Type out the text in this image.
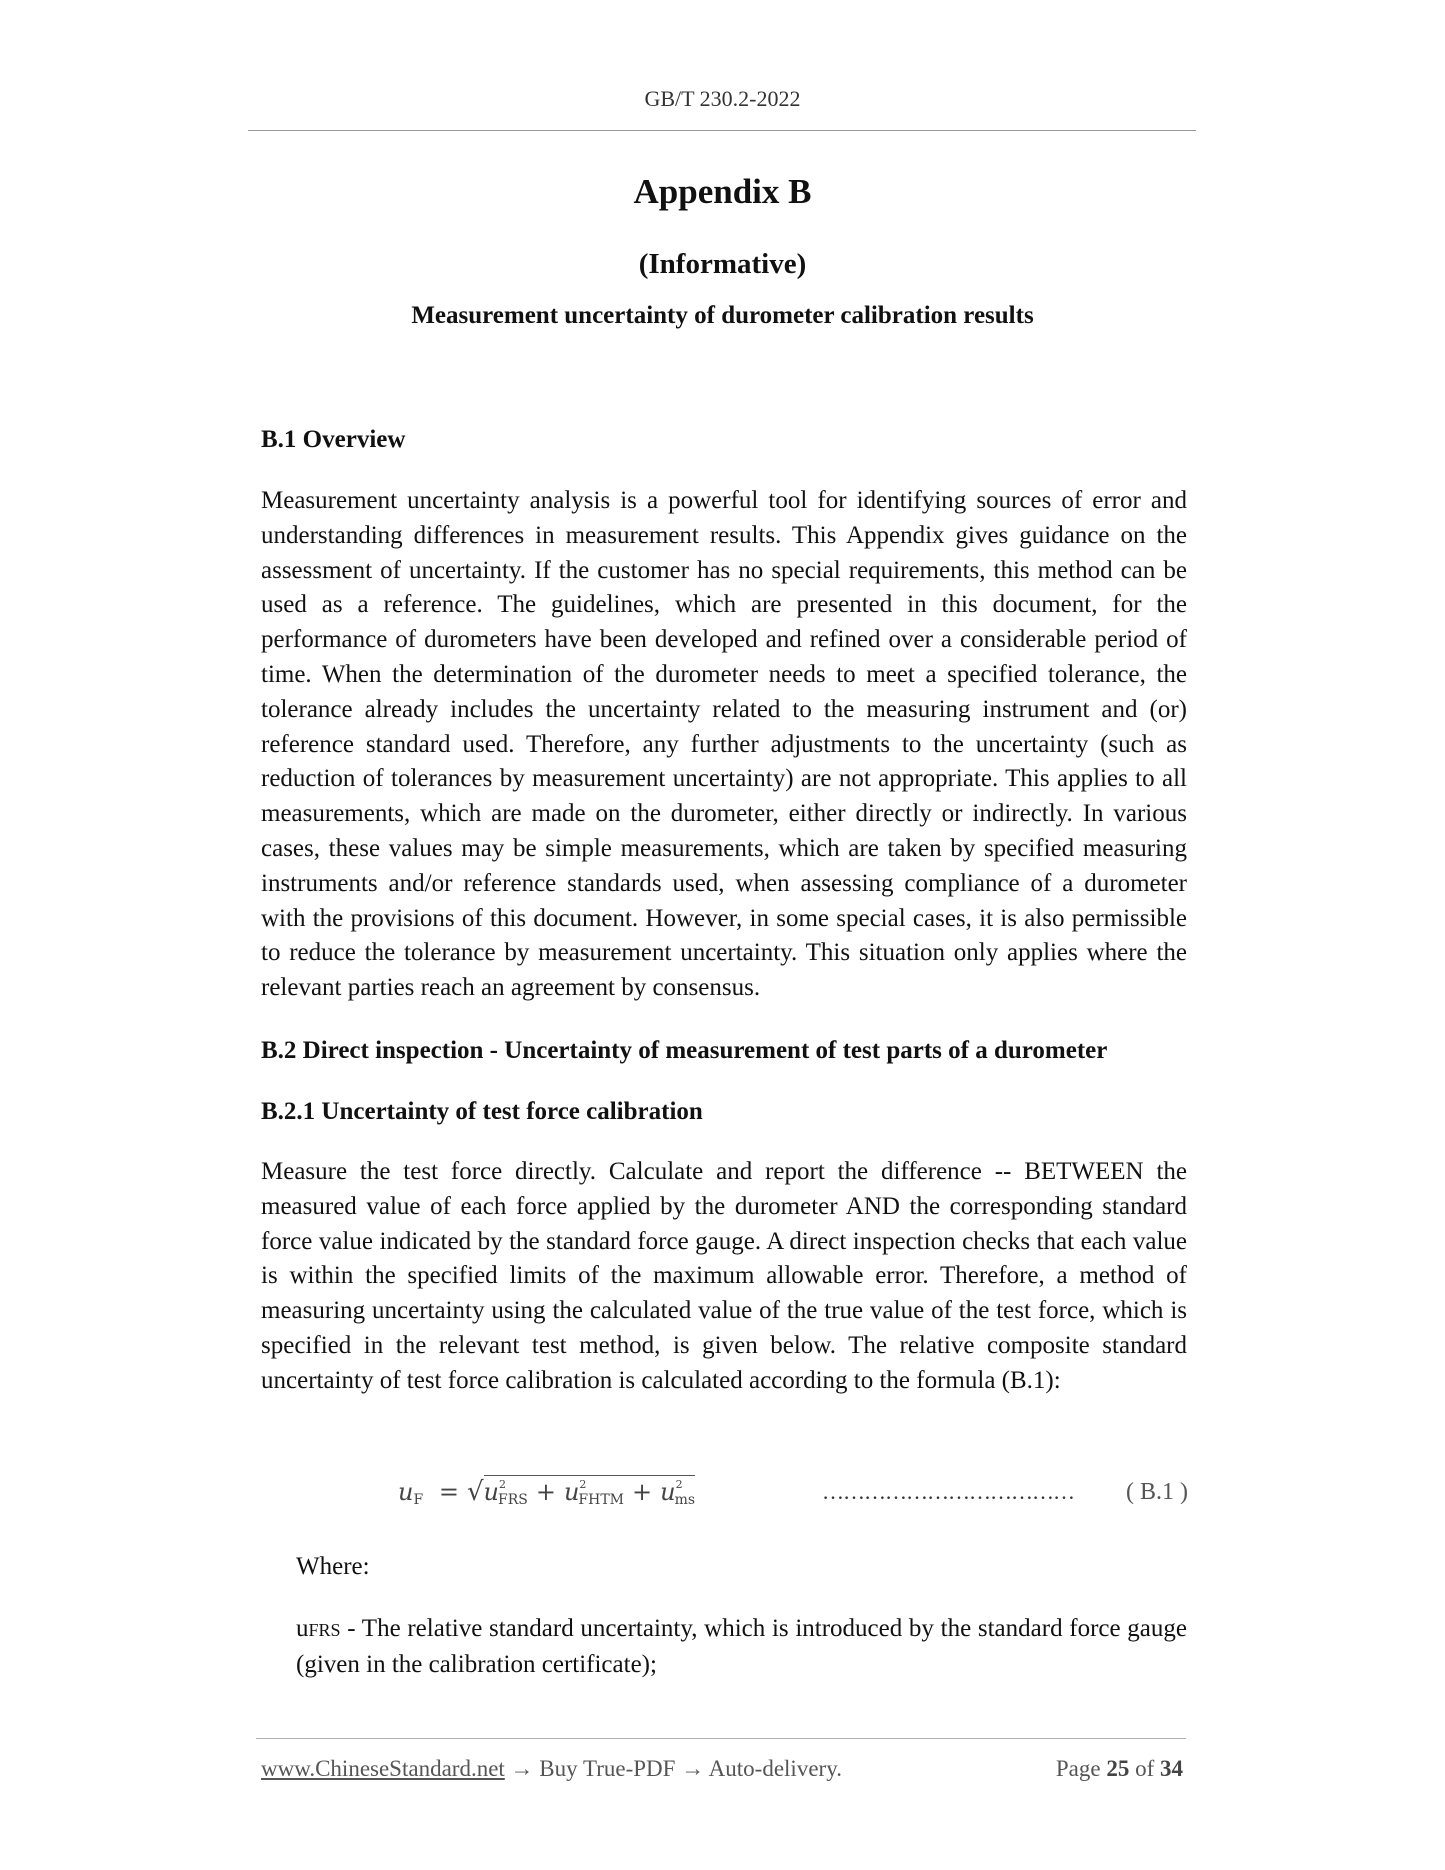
GB/T 230.2-2022
Appendix B
(Informative)
Measurement uncertainty of durometer calibration results
B.1 Overview

Measurement uncertainty analysis is a powerful tool for identifying sources of error and understanding differences in measurement results. This Appendix gives guidance on the assessment of uncertainty. If the customer has no special requirements, this method can be used as a reference. The guidelines, which are presented in this document, for the performance of durometers have been developed and refined over a considerable period of time. When the determination of the durometer needs to meet a specified tolerance, the tolerance already includes the uncertainty related to the measuring instrument and (or) reference standard used. Therefore, any further adjustments to the uncertainty (such as reduction of tolerances by measurement uncertainty) are not appropriate. This applies to all measurements, which are made on the durometer, either directly or indirectly. In various cases, these values may be simple measurements, which are taken by specified measuring instruments and/or reference standards used, when assessing compliance of a durometer with the provisions of this document. However, in some special cases, it is also permissible to reduce the tolerance by measurement uncertainty. This situation only applies where the relevant parties reach an agreement by consensus.

B.2 Direct inspection - Uncertainty of measurement of test parts of a durometer
B.2.1 Uncertainty of test force calibration

Measure the test force directly. Calculate and report the difference -- BETWEEN the measured value of each force applied by the durometer AND the corresponding standard force value indicated by the standard force gauge. A direct inspection checks that each value is within the specified limits of the maximum allowable error. Therefore, a method of measuring uncertainty using the calculated value of the true value of the test force, which is specified in the relevant test method, is given below. The relative composite standard uncertainty of test force calibration is calculated according to the formula (B.1):

$u_F = √u^2_{FRS} + u^2_{FHTM} + u^2_{ms}$	……………………………… ( B.1 )
Where:

uFRS - The relative standard uncertainty, which is introduced by the standard force gauge (given in the calibration certificate);

www.ChineseStandard.net → Buy True-PDF → Auto-delivery.	Page 25 of 34
